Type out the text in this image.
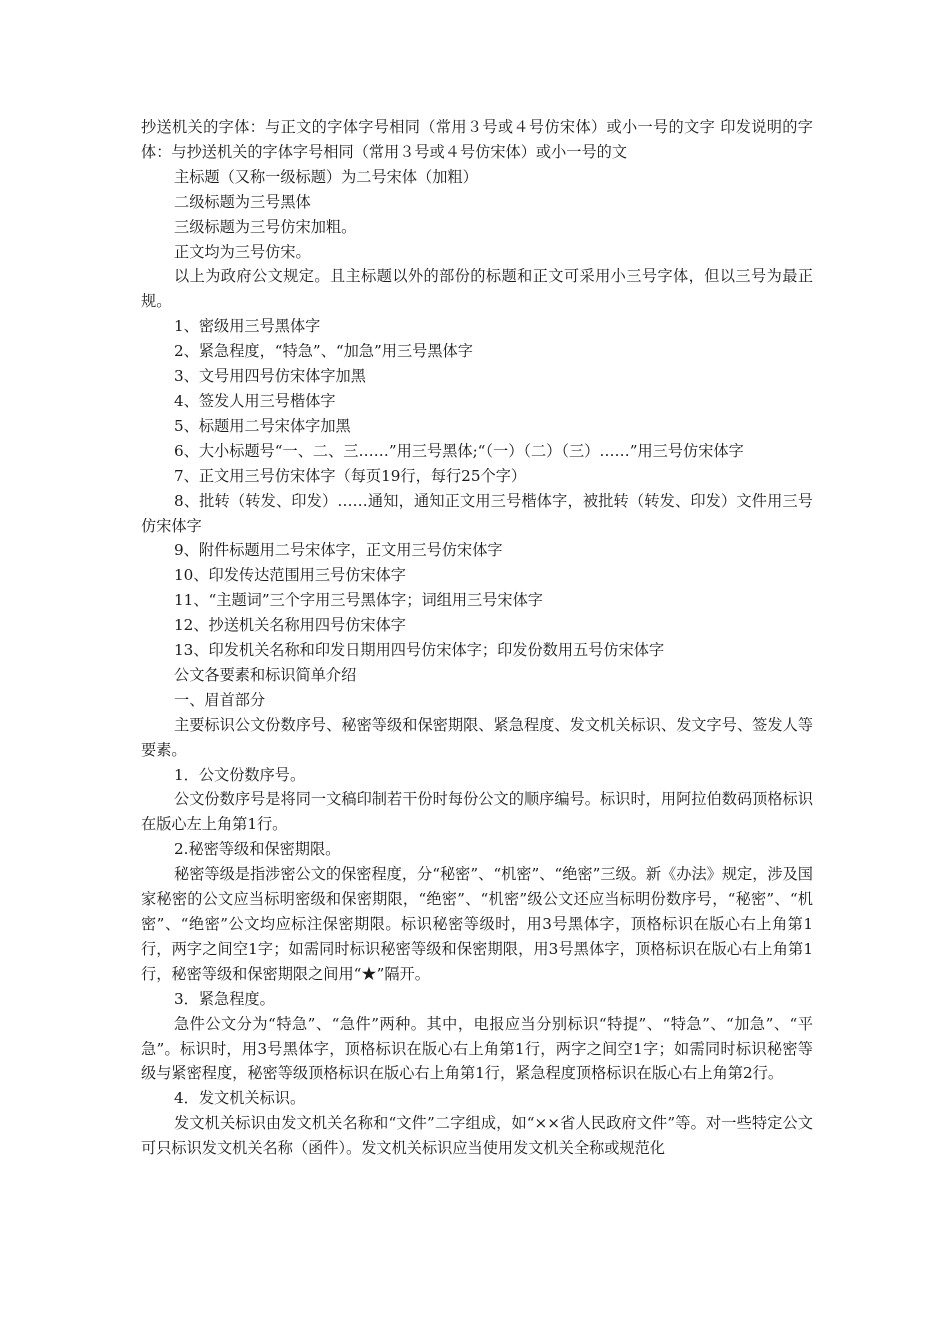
抄送机关的字体：与正文的字体字号相同（常用３号或４号仿宋体）或小一号的文字 印发说明的字体：与抄送机关的字体字号相同（常用３号或４号仿宋体）或小一号的文

主标题（又称一级标题）为二号宋体（加粗）

二级标题为三号黑体

三级标题为三号仿宋加粗。

正文均为三号仿宋。

以上为政府公文规定。且主标题以外的部份的标题和正文可采用小三号字体，但以三号为最正规。

1、密级用三号黑体字

2、紧急程度，“特急”、“加急”用三号黑体字

3、文号用四号仿宋体字加黑

4、签发人用三号楷体字

5、标题用二号宋体字加黑

6、大小标题号“一、二、三……”用三号黑体;“（一）（二）（三）……”用三号仿宋体字

7、正文用三号仿宋体字（每页19行，每行25个字）

8、批转（转发、印发）……通知，通知正文用三号楷体字，被批转（转发、印发）文件用三号仿宋体字

9、附件标题用二号宋体字，正文用三号仿宋体字

10、印发传达范围用三号仿宋体字

11、“主题词”三个字用三号黑体字；词组用三号宋体字

12、抄送机关名称用四号仿宋体字

13、印发机关名称和印发日期用四号仿宋体字；印发份数用五号仿宋体字

公文各要素和标识简单介绍

一、眉首部分

主要标识公文份数序号、秘密等级和保密期限、紧急程度、发文机关标识、发文字号、签发人等要素。

1．公文份数序号。

公文份数序号是将同一文稿印制若干份时每份公文的顺序编号。标识时，用阿拉伯数码顶格标识在版心左上角第1行。

2.秘密等级和保密期限。

秘密等级是指涉密公文的保密程度，分“秘密”、“机密”、“绝密”三级。新《办法》规定，涉及国家秘密的公文应当标明密级和保密期限，“绝密”、“机密”级公文还应当标明份数序号，“秘密”、“机密”、“绝密”公文均应标注保密期限。标识秘密等级时，用3号黑体字，顶格标识在版心右上角第1行，两字之间空1字；如需同时标识秘密等级和保密期限，用3号黑体字，顶格标识在版心右上角第1行，秘密等级和保密期限之间用“★”隔开。

3．紧急程度。

急件公文分为“特急”、“急件”两种。其中，电报应当分别标识“特提”、“特急”、“加急”、“平急”。标识时，用3号黑体字，顶格标识在版心右上角第1行，两字之间空1字；如需同时标识秘密等级与紧密程度，秘密等级顶格标识在版心右上角第1行，紧急程度顶格标识在版心右上角第2行。

4．发文机关标识。

发文机关标识由发文机关名称和“文件”二字组成，如“××省人民政府文件”等。对一些特定公文可只标识发文机关名称（函件）。发文机关标识应当使用发文机关全称或规范化
